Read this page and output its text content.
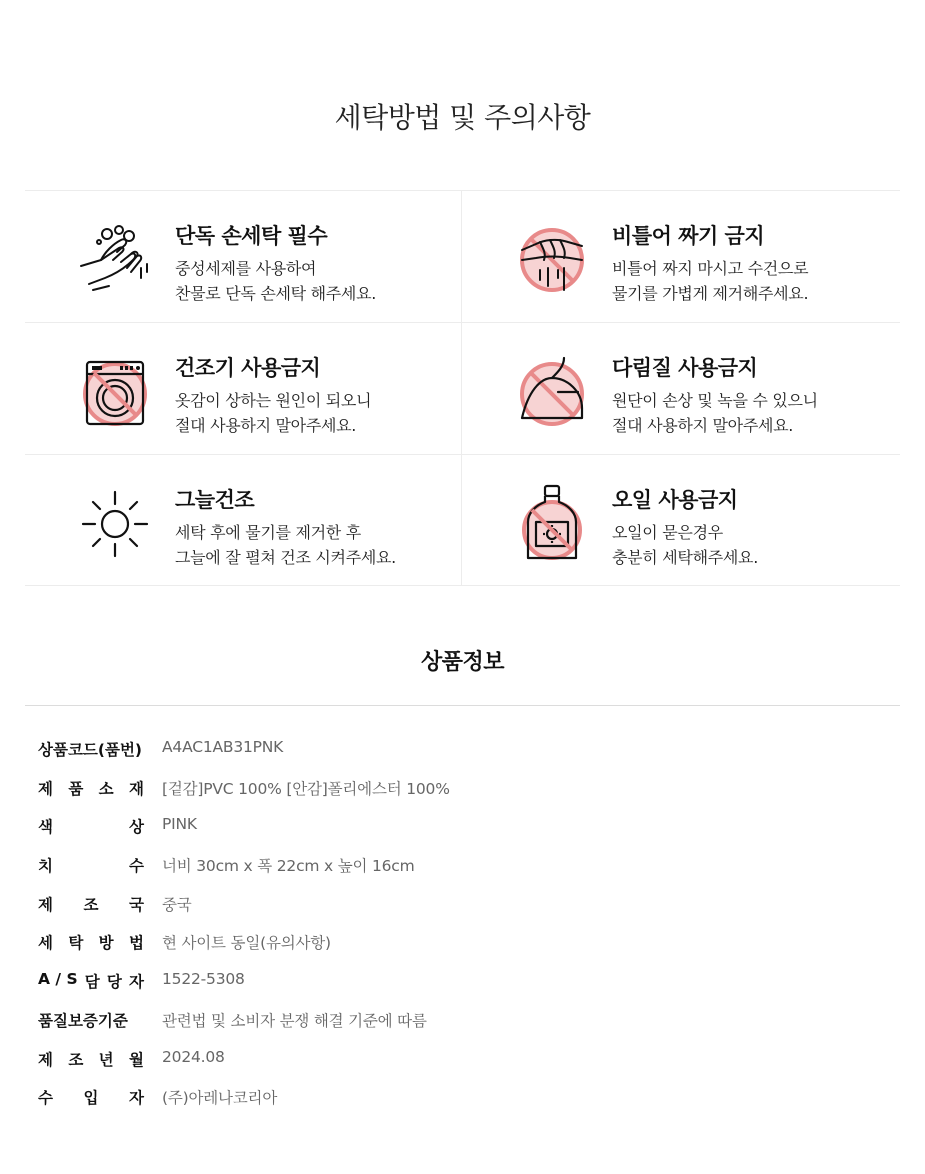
세탁방법 및 주의사항
단독 손세탁 필수
중성세제를 사용하여
찬물로 단독 손세탁 해주세요.
비틀어 짜기 금지
비틀어 짜지 마시고 수건으로
물기를 가볍게 제거해주세요.
건조기 사용금지
옷감이 상하는 원인이 되오니
절대 사용하지 말아주세요.
다림질 사용금지
원단이 손상 및 녹을 수 있으니
절대 사용하지 말아주세요.
그늘건조
세탁 후에 물기를 제거한 후
그늘에 잘 펼쳐 건조 시켜주세요.
오일 사용금지
오일이 묻은경우
충분히 세탁해주세요.
상품정보
상품코드(품번) A4AC1AB31PNK
제 품 소 재 [겉감]PVC 100% [안감]폴리에스터 100%
색	상 PINK
치	수 너비 30cm x 폭 22cm x 높이 16cm
제 조 국 중국
세 탁 방 법 현 사이트 동일(유의사항)
A / S 담 당 자 1522-5308
품질보증기준	관련법 및 소비자 분쟁 해결 기준에 따름
제 조 년 월 2024.08
수 입 자 (주)아레나코리아
